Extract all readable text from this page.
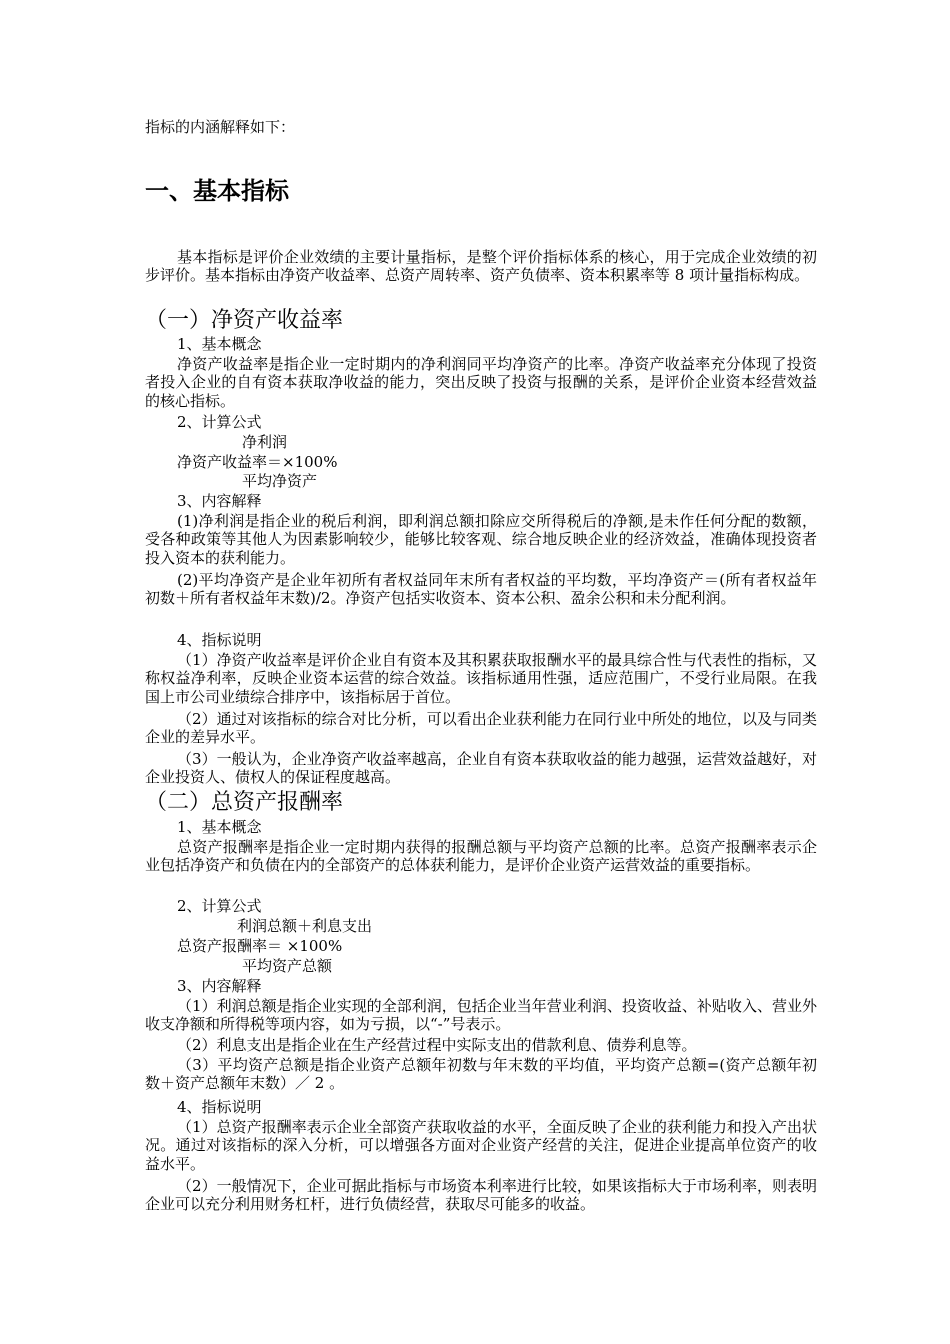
指标的内涵解释如下：
一、基本指标
基本指标是评价企业效绩的主要计量指标，是整个评价指标体系的核心，用于完成企业效绩的初步评价。基本指标由净资产收益率、总资产周转率、资产负债率、资本积累率等 8 项计量指标构成。
（一）净资产收益率
1、基本概念
净资产收益率是指企业一定时期内的净利润同平均净资产的比率。净资产收益率充分体现了投资者投入企业的自有资本获取净收益的能力，突出反映了投资与报酬的关系，是评价企业资本经营效益的核心指标。
2、计算公式
净利润
净资产收益率＝×100%
平均净资产
3、内容解释
(1)净利润是指企业的税后利润，即利润总额扣除应交所得税后的净额,是未作任何分配的数额，受各种政策等其他人为因素影响较少，能够比较客观、综合地反映企业的经济效益，准确体现投资者投入资本的获利能力。
(2)平均净资产是企业年初所有者权益同年末所有者权益的平均数，平均净资产＝(所有者权益年初数＋所有者权益年末数)/2。净资产包括实收资本、资本公积、盈余公积和未分配利润。
4、指标说明
（1）净资产收益率是评价企业自有资本及其积累获取报酬水平的最具综合性与代表性的指标，又称权益净利率，反映企业资本运营的综合效益。该指标通用性强，适应范围广，不受行业局限。在我国上市公司业绩综合排序中，该指标居于首位。
（2）通过对该指标的综合对比分析，可以看出企业获利能力在同行业中所处的地位，以及与同类企业的差异水平。
（3）一般认为，企业净资产收益率越高，企业自有资本获取收益的能力越强，运营效益越好，对企业投资人、债权人的保证程度越高。
（二）总资产报酬率
1、基本概念
总资产报酬率是指企业一定时期内获得的报酬总额与平均资产总额的比率。总资产报酬率表示企业包括净资产和负债在内的全部资产的总体获利能力，是评价企业资产运营效益的重要指标。
2、计算公式
利润总额＋利息支出
总资产报酬率＝ ×100%
平均资产总额
3、内容解释
（1）利润总额是指企业实现的全部利润，包括企业当年营业利润、投资收益、补贴收入、营业外收支净额和所得税等项内容，如为亏损，以“-”号表示。
（2）利息支出是指企业在生产经营过程中实际支出的借款利息、债券利息等。
（3）平均资产总额是指企业资产总额年初数与年末数的平均值，平均资产总额=(资产总额年初数＋资产总额年末数）／ 2 。
4、指标说明
（1）总资产报酬率表示企业全部资产获取收益的水平，全面反映了企业的获利能力和投入产出状况。通过对该指标的深入分析，可以增强各方面对企业资产经营的关注，促进企业提高单位资产的收益水平。
（2）一般情况下，企业可据此指标与市场资本利率进行比较，如果该指标大于市场利率，则表明企业可以充分利用财务杠杆，进行负债经营，获取尽可能多的收益。
